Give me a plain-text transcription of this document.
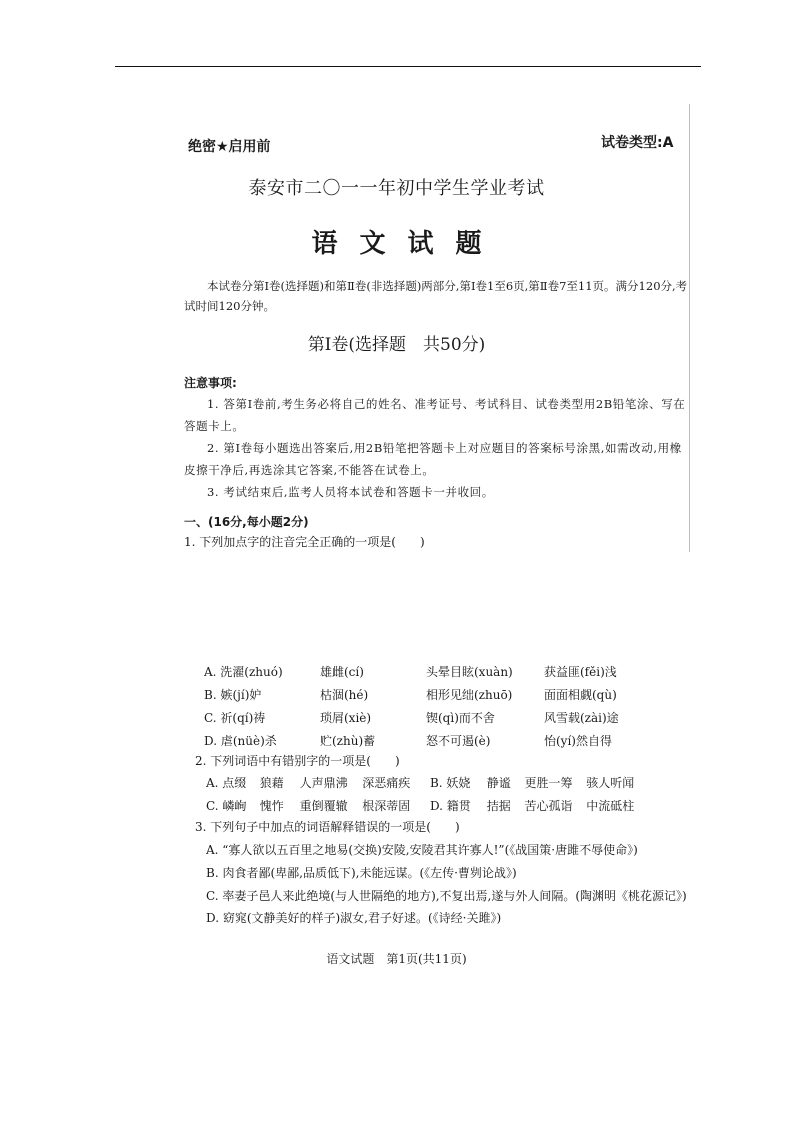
绝密★启用前	试卷类型:A
泰安市二〇一一年初中学生学业考试
语 文 试 题
本试卷分第Ⅰ卷(选择题)和第Ⅱ卷(非选择题)两部分,第Ⅰ卷1至6页,第Ⅱ卷7至11页。满分120分,考试时间120分钟。
第Ⅰ卷(选择题　共50分)
注意事项:
1. 答第Ⅰ卷前,考生务必将自己的姓名、准考证号、考试科目、试卷类型用2B铅笔涂、写在答题卡上。
2. 第Ⅰ卷每小题选出答案后,用2B铅笔把答题卡上对应题目的答案标号涂黑,如需改动,用橡皮擦干净后,再选涂其它答案,不能答在试卷上。
3. 考试结束后,监考人员将本试卷和答题卡一并收回。
一、(16分,每小题2分)
1. 下列加点字的注音完全正确的一项是(　　)
A. 洗濯(zhuó)	雄雌(cí)	头晕目眩(xuàn)	获益匪(fěi)浅
B. 嫉(jí)妒	枯涸(hé)	相形见绌(zhuō)	面面相觑(qù)
C. 祈(qí)祷	琐屑(xiè)	锲(qì)而不舍	风雪载(zài)途
D. 虐(nüè)杀	贮(zhù)蓄	怒不可遏(è)	怡(yí)然自得
2. 下列词语中有错别字的一项是(　　)
A. 点缀	狼藉	人声鼎沸	深恶痛疾	B. 妖娆	静谧	更胜一筹	骇人听闻
C. 嶙峋	愧怍	重倒覆辙	根深蒂固	D. 籍贯	拮据	苦心孤诣	中流砥柱
3. 下列句子中加点的词语解释错误的一项是(　　)
A. “寡人欲以五百里之地易(交换)安陵,安陵君其许寡人!”(《战国策·唐雎不辱使命》)
B. 肉食者鄙(卑鄙,品质低下),未能远谋。(《左传·曹刿论战》)
C. 率妻子邑人来此绝境(与人世隔绝的地方),不复出焉,遂与外人间隔。(陶渊明《桃花源记》)
D. 窈窕(文静美好的样子)淑女,君子好逑。(《诗经·关雎》)
语文试题　第1页(共11页)
